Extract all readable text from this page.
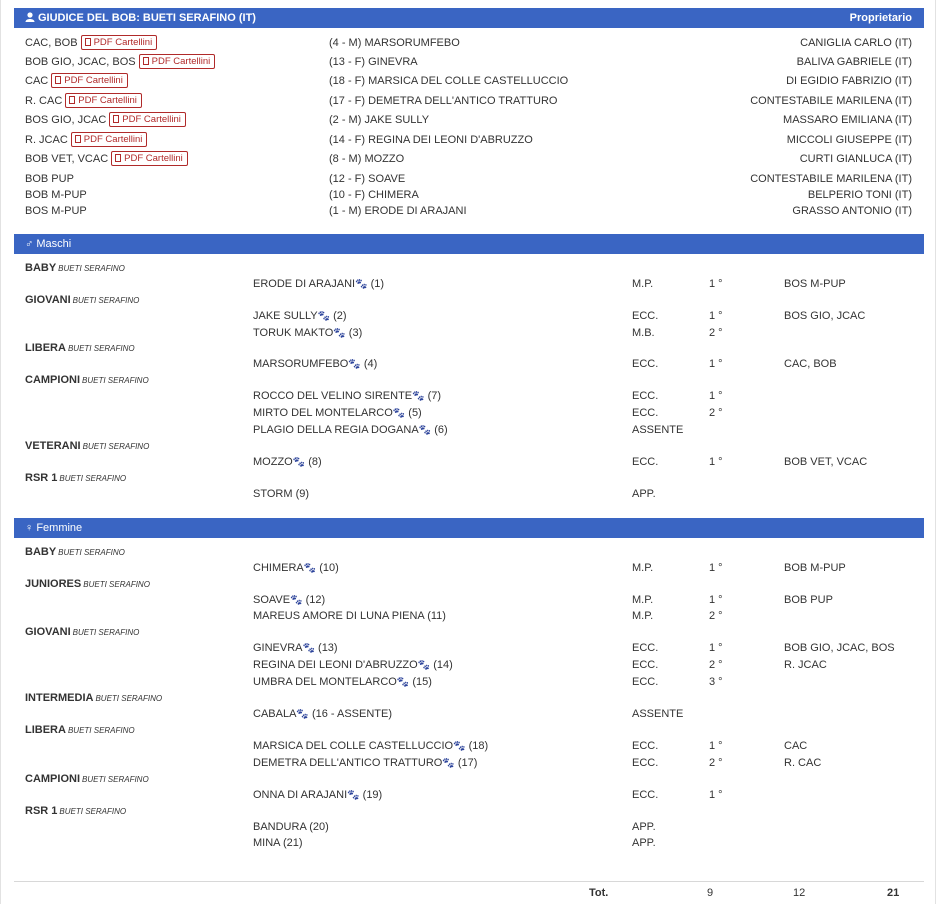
GIUDICE DEL BOB: BUETI SERAFINO (IT)	Proprietario
CAC, BOB PDF Cartellini	(4 - M) MARSORUMFEBO	CANIGLIA CARLO (IT)
BOB GIO, JCAC, BOS PDF Cartellini	(13 - F) GINEVRA	BALIVA GABRIELE (IT)
CAC PDF Cartellini	(18 - F) MARSICA DEL COLLE CASTELLUCCIO	DI EGIDIO FABRIZIO (IT)
R. CAC PDF Cartellini	(17 - F) DEMETRA DELL'ANTICO TRATTURO	CONTESTABILE MARILENA (IT)
BOS GIO, JCAC PDF Cartellini	(2 - M) JAKE SULLY	MASSARO EMILIANA (IT)
R. JCAC PDF Cartellini	(14 - F) REGINA DEI LEONI D'ABRUZZO	MICCOLI GIUSEPPE (IT)
BOB VET, VCAC PDF Cartellini	(8 - M) MOZZO	CURTI GIANLUCA (IT)
BOB PUP	(12 - F) SOAVE	CONTESTABILE MARILENA (IT)
BOB M-PUP	(10 - F) CHIMERA	BELPERIO TONI (IT)
BOS M-PUP	(1 - M) ERODE DI ARAJANI	GRASSO ANTONIO (IT)
♂ Maschi
BABY BUETI SERAFINO
ERODE DI ARAJANI🐾 (1)	M.P.	1 °	BOS M-PUP
GIOVANI BUETI SERAFINO
JAKE SULLY🐾 (2)	ECC.	1 °	BOS GIO, JCAC
TORUK MAKTO🐾 (3)	M.B.	2 °
LIBERA BUETI SERAFINO
MARSORUMFEBO🐾 (4)	ECC.	1 °	CAC, BOB
CAMPIONI BUETI SERAFINO
ROCCO DEL VELINO SIRENTE🐾 (7)	ECC.	1 °
MIRTO DEL MONTELARCO🐾 (5)	ECC.	2 °
PLAGIO DELLA REGIA DOGANA🐾 (6)	ASSENTE
VETERANI BUETI SERAFINO
MOZZO🐾 (8)	ECC.	1 °	BOB VET, VCAC
RSR 1 BUETI SERAFINO
STORM (9)	APP.
♀ Femmine
BABY BUETI SERAFINO
CHIMERA🐾 (10)	M.P.	1 °	BOB M-PUP
JUNIORES BUETI SERAFINO
SOAVE🐾 (12)	M.P.	1 °	BOB PUP
MAREUS AMORE DI LUNA PIENA (11)	M.P.	2 °
GIOVANI BUETI SERAFINO
GINEVRA🐾 (13)	ECC.	1 °	BOB GIO, JCAC, BOS
REGINA DEI LEONI D'ABRUZZO🐾 (14)	ECC.	2 °	R. JCAC
UMBRA DEL MONTELARCO🐾 (15)	ECC.	3 °
INTERMEDIA BUETI SERAFINO
CABALA🐾 (16 - ASSENTE)	ASSENTE
LIBERA BUETI SERAFINO
MARSICA DEL COLLE CASTELLUCCIO🐾 (18)	ECC.	1 °	CAC
DEMETRA DELL'ANTICO TRATTURO🐾 (17)	ECC.	2 °	R. CAC
CAMPIONI BUETI SERAFINO
ONNA DI ARAJANI🐾 (19)	ECC.	1 °
RSR 1 BUETI SERAFINO
BANDURA (20)	APP.
MINA (21)	APP.
Tot.	9	12	21
